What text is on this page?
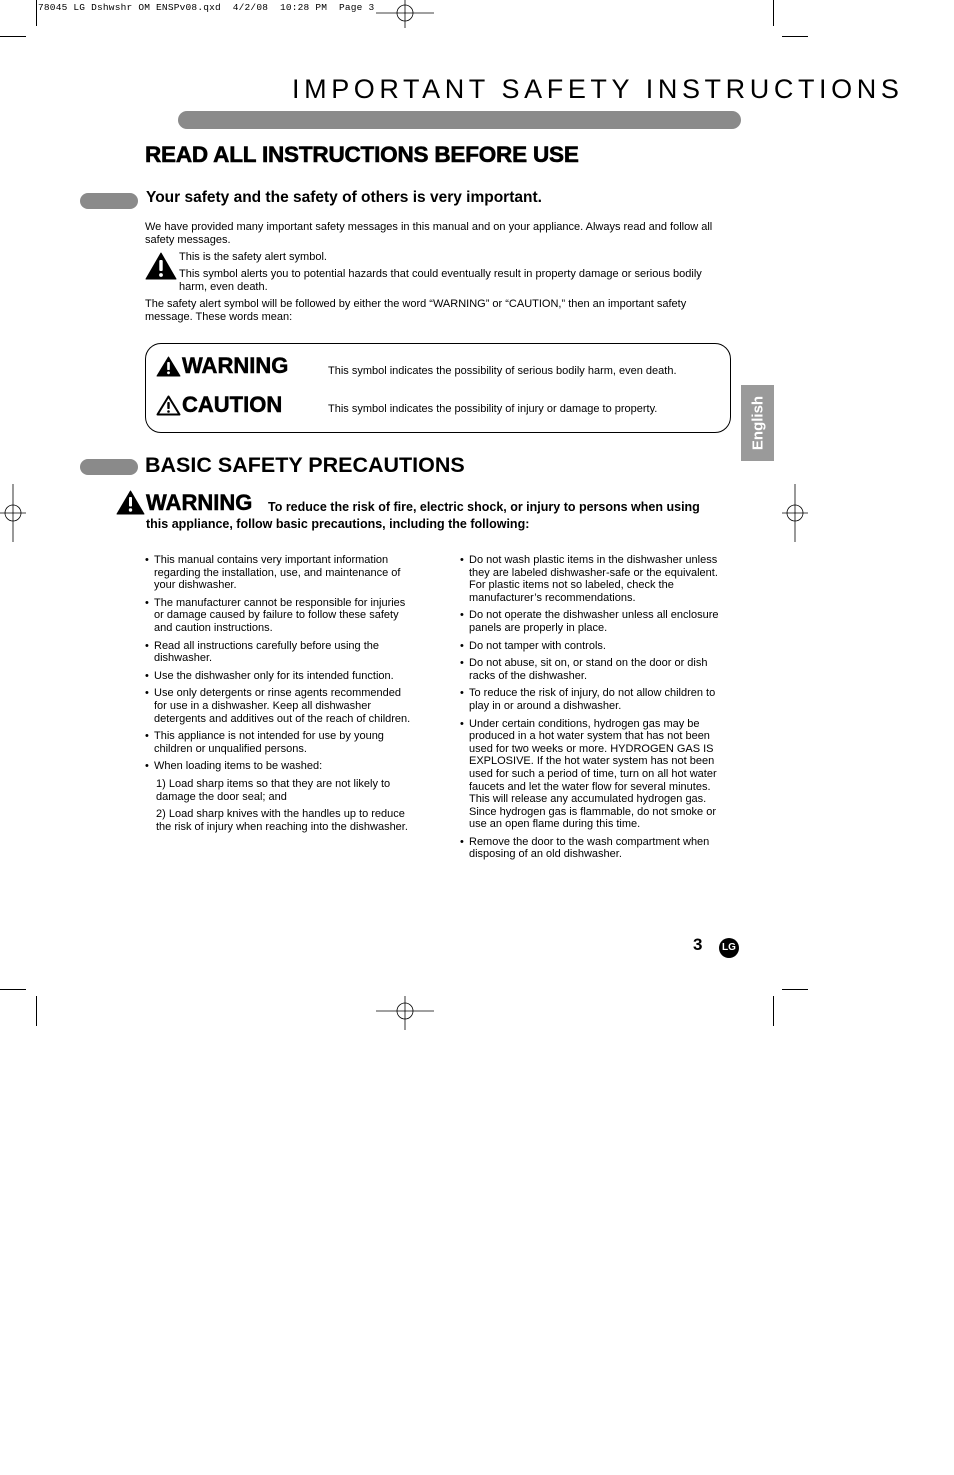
78045 LG Dshwshr OM ENSPv08.qxd  4/2/08  10:28 PM  Page 3
IMPORTANT SAFETY INSTRUCTIONS
READ ALL INSTRUCTIONS BEFORE USE
Your safety and the safety of others is very important.
We have provided many important safety messages in this manual and on your appliance. Always read and follow all safety messages.
This is the safety alert symbol.
This symbol alerts you to potential hazards that could eventually result in property damage or serious bodily harm, even death.
The safety alert symbol will be followed by either the word “WARNING” or “CAUTION,” then an important safety message. These words mean:
WARNING	This symbol indicates the possibility of serious bodily harm, even death.
CAUTION	This symbol indicates the possibility of injury or damage to property.	English
BASIC SAFETY PRECAUTIONS
WARNING To reduce the risk of fire, electric shock, or injury to persons when using
this appliance, follow basic precautions, including the following:
• This manual contains very important information regarding the installation, use, and maintenance of your dishwasher.
• The manufacturer cannot be responsible for injuries or damage caused by failure to follow these safety and caution instructions.
• Read all instructions carefully before using the dishwasher.
• Use the dishwasher only for its intended function.
• Use only detergents or rinse agents recommended for use in a dishwasher. Keep all dishwasher detergents and additives out of the reach of children.
• This appliance is not intended for use by young children or unqualified persons.
• When loading items to be washed:
1) Load sharp items so that they are not likely to damage the door seal; and
2) Load sharp knives with the handles up to reduce the risk of injury when reaching into the dishwasher.
• Do not wash plastic items in the dishwasher unless they are labeled dishwasher-safe or the equivalent. For plastic items not so labeled, check the manufacturer’s recommendations.
• Do not operate the dishwasher unless all enclosure panels are properly in place.
• Do not tamper with controls.
• Do not abuse, sit on, or stand on the door or dish racks of the dishwasher.
• To reduce the risk of injury, do not allow children to play in or around a dishwasher.
• Under certain conditions, hydrogen gas may be produced in a hot water system that has not been used for two weeks or more. HYDROGEN GAS IS EXPLOSIVE. If the hot water system has not been used for such a period of time, turn on all hot water faucets and let the water flow for several minutes. This will release any accumulated hydrogen gas. Since hydrogen gas is flammable, do not smoke or use an open flame during this time.
• Remove the door to the wash compartment when disposing of an old dishwasher.
3	LG
